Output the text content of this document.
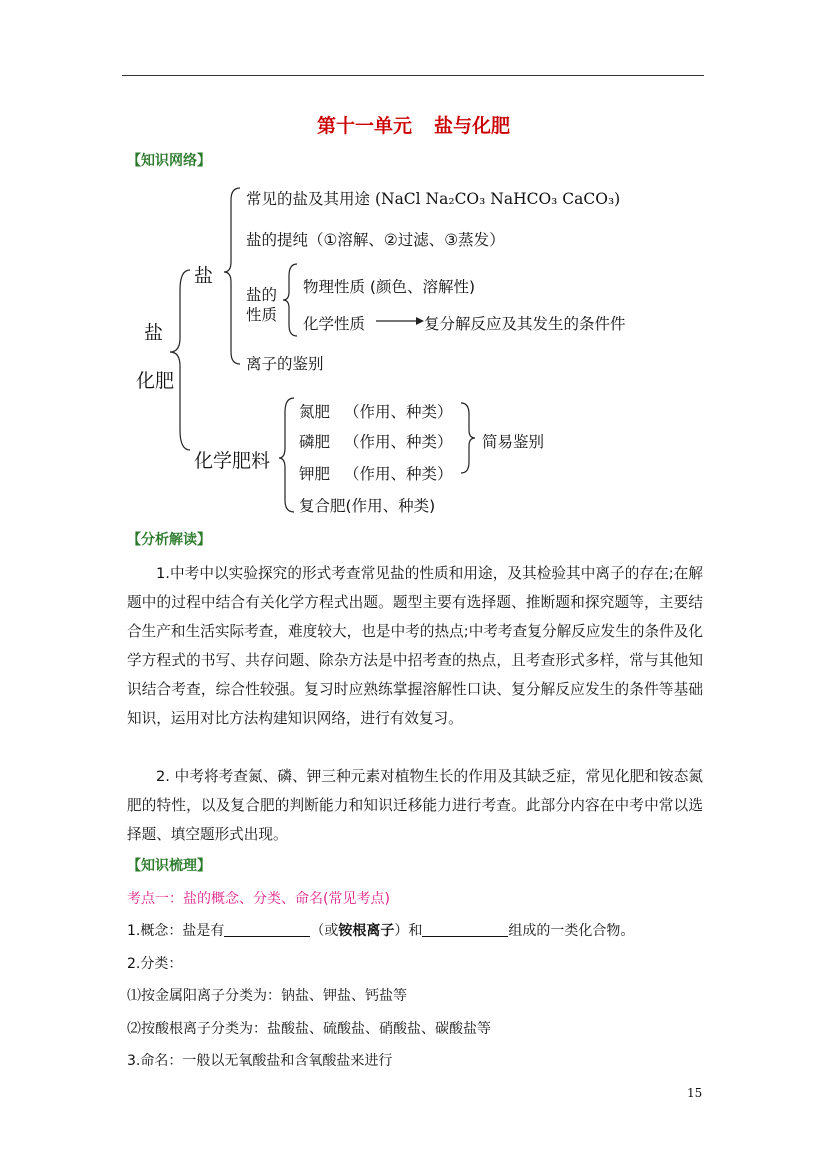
第十一单元 盐与化肥
【知识网络】
盐
化肥
盐
常见的盐及其用途 (NaCl Na₂CO₃ NaHCO₃ CaCO₃)
盐的提纯（①溶解、②过滤、③蒸发）
盐的
性质
物理性质 (颜色、溶解性)
化学性质	复分解反应及其发生的条件件
离子的鉴别
化学肥料
氮肥 （作用、种类）
磷肥 （作用、种类）
钾肥 （作用、种类）
复合肥(作用、种类)
简易鉴别
【分析解读】
1.中考中以实验探究的形式考查常见盐的性质和用途，及其检验其中离子的存在;在解题中的过程中结合有关化学方程式出题。题型主要有选择题、推断题和探究题等，主要结合生产和生活实际考查，难度较大，也是中考的热点;中考考查复分解反应发生的条件及化学方程式的书写、共存问题、除杂方法是中招考查的热点，且考查形式多样，常与其他知识结合考查，综合性较强。复习时应熟练掌握溶解性口诀、复分解反应发生的条件等基础知识，运用对比方法构建知识网络，进行有效复习。
2. 中考将考查氮、磷、钾三种元素对植物生长的作用及其缺乏症，常见化肥和铵态氮肥的特性，以及复合肥的判断能力和知识迁移能力进行考查。此部分内容在中考中常以选择题、填空题形式出现。
【知识梳理】
考点一：盐的概念、分类、命名(常见考点)
1.概念：盐是有	（或铵根离子）和	组成的一类化合物。
2.分类：
⑴按金属阳离子分类为：钠盐、钾盐、钙盐等
⑵按酸根离子分类为：盐酸盐、硫酸盐、硝酸盐、碳酸盐等
3.命名：一般以无氧酸盐和含氧酸盐来进行
15
